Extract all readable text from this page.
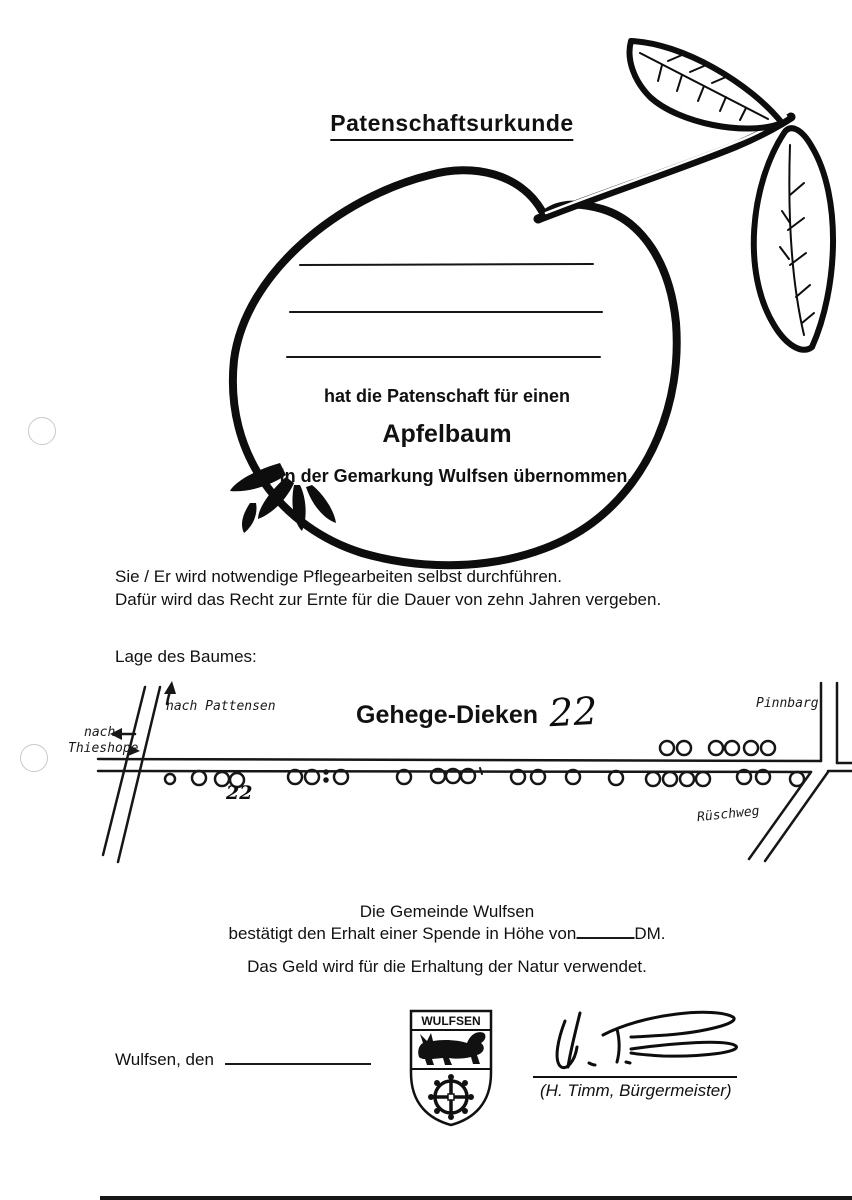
Patenschaftsurkunde
hat die Patenschaft für einen
Apfelbaum
in der Gemarkung Wulfsen übernommen.
Sie / Er wird notwendige Pflegearbeiten selbst durchführen.
Dafür wird das Recht zur Ernte für die Dauer von zehn Jahren vergeben.
Lage des Baumes:
nach Pattensen
nach
Thieshope
Pinnbarg
Rüschweg
Gehege-Dieken 22
22
Die Gemeinde Wulfsen
bestätigt den Erhalt einer Spende in Höhe von	DM.
Das Geld wird für die Erhaltung der Natur verwendet.
Wulfsen, den
WULFSEN
(H. Timm, Bürgermeister)
